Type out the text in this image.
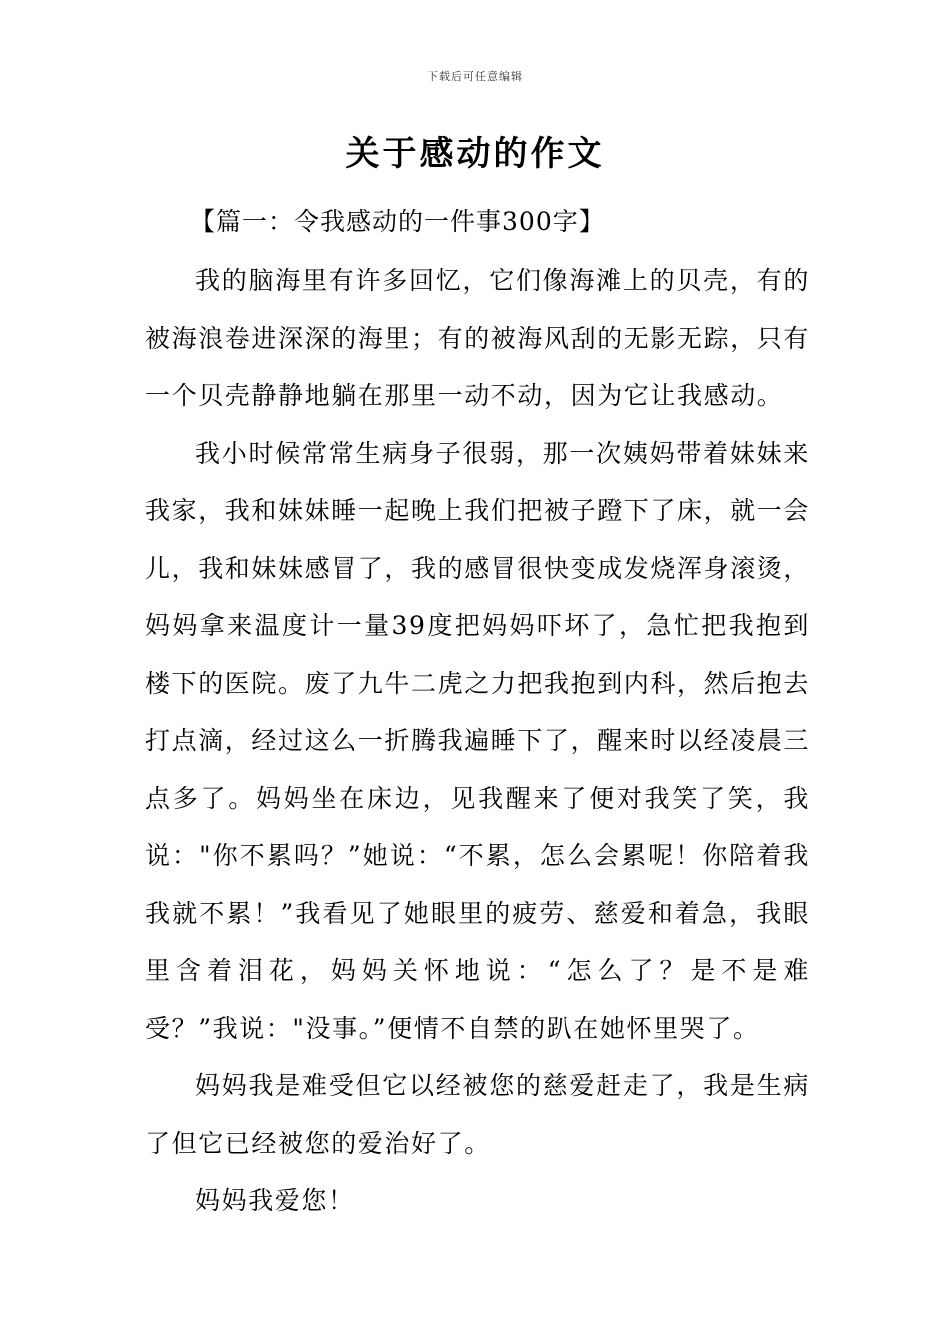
下载后可任意编辑
关于感动的作文
【篇一：令我感动的一件事300字】

我的脑海里有许多回忆，它们像海滩上的贝壳，有的被海浪卷进深深的海里；有的被海风刮的无影无踪，只有一个贝壳静静地躺在那里一动不动，因为它让我感动。

我小时候常常生病身子很弱，那一次姨妈带着妹妹来我家，我和妹妹睡一起晚上我们把被子蹬下了床，就一会儿，我和妹妹感冒了，我的感冒很快变成发烧浑身滚烫，妈妈拿来温度计一量39度把妈妈吓坏了，急忙把我抱到楼下的医院。废了九牛二虎之力把我抱到内科，然后抱去打点滴，经过这么一折腾我遍睡下了，醒来时以经凌晨三点多了。妈妈坐在床边，见我醒来了便对我笑了笑，我说："你不累吗？”她说：“不累，怎么会累呢！你陪着我我就不累！”我看见了她眼里的疲劳、慈爱和着急，我眼里含着泪花，妈妈关怀地说：“怎么了？是不是难受？”我说："没事。”便情不自禁的趴在她怀里哭了。

妈妈我是难受但它以经被您的慈爱赶走了，我是生病了但它已经被您的爱治好了。

妈妈我爱您！
